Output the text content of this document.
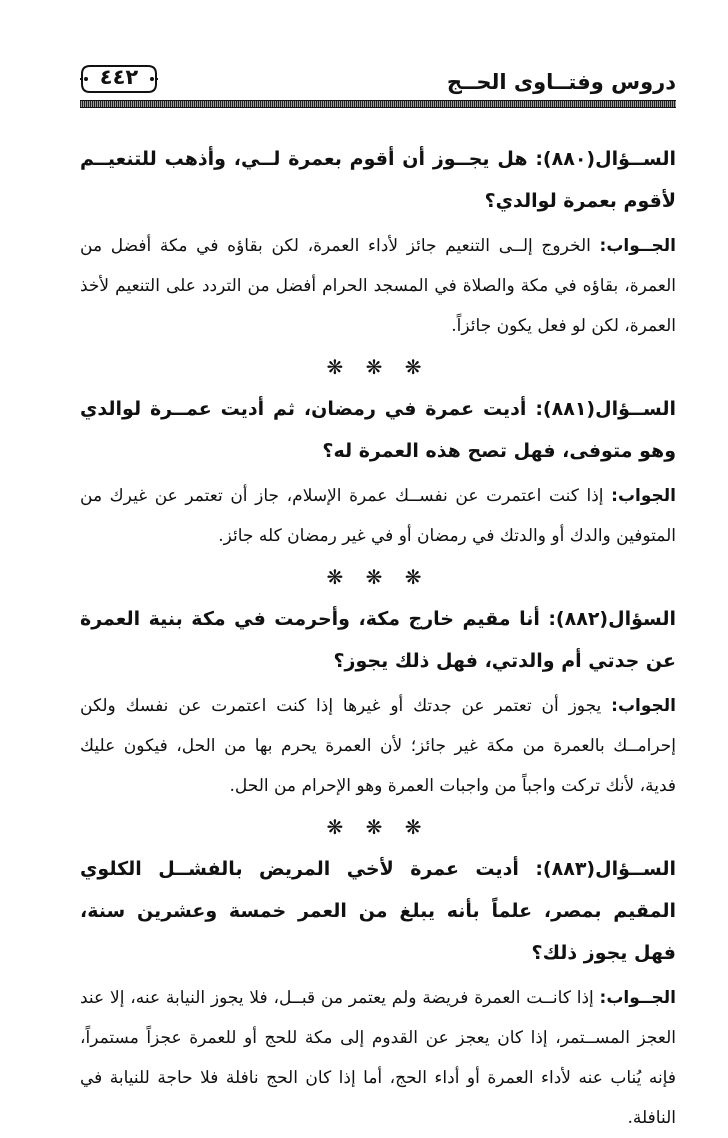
دروس وفتــاوى الحــج
٤٤٢

الســؤال(٨٨٠): هل يجــوز أن أقوم بعمرة لــي، وأذهب للتنعيــم لأقوم بعمرة لوالدي؟

الجــواب: الخروج إلــى التنعيم جائز لأداء العمرة، لكن بقاؤه في مكة أفضل من العمرة، بقاؤه في مكة والصلاة في المسجد الحرام أفضل من التردد على التنعيم لأخذ العمرة، لكن لو فعل يكون جائزاً.

❋ ❋ ❋

الســؤال(٨٨١): أديت عمرة في رمضان، ثم أديت عمــرة لوالدي وهو متوفى، فهل تصح هذه العمرة له؟

الجواب: إذا كنت اعتمرت عن نفســك عمرة الإسلام، جاز أن تعتمر عن غيرك من المتوفين والدك أو والدتك في رمضان أو في غير رمضان كله جائز.

❋ ❋ ❋

السؤال(٨٨٢): أنا مقيم خارج مكة، وأحرمت في مكة بنية العمرة عن جدتي أم والدتي، فهل ذلك يجوز؟

الجواب: يجوز أن تعتمر عن جدتك أو غيرها إذا كنت اعتمرت عن نفسك ولكن إحرامــك بالعمرة من مكة غير جائز؛ لأن العمرة يحرم بها من الحل، فيكون عليك فدية، لأنك تركت واجباً من واجبات العمرة وهو الإحرام من الحل.

❋ ❋ ❋

الســؤال(٨٨٣): أديت عمرة لأخي المريض بالفشــل الكلوي المقيم بمصر، علماً بأنه يبلغ من العمر خمسة وعشرين سنة، فهل يجوز ذلك؟

الجــواب: إذا كانــت العمرة فريضة ولم يعتمر من قبــل، فلا يجوز النيابة عنه، إلا عند العجز المســتمر، إذا كان يعجز عن القدوم إلى مكة للحج أو للعمرة عجزاً مستمراً، فإنه يُناب عنه لأداء العمرة أو أداء الحج، أما إذا كان الحج نافلة فلا حاجة للنيابة في النافلة.
